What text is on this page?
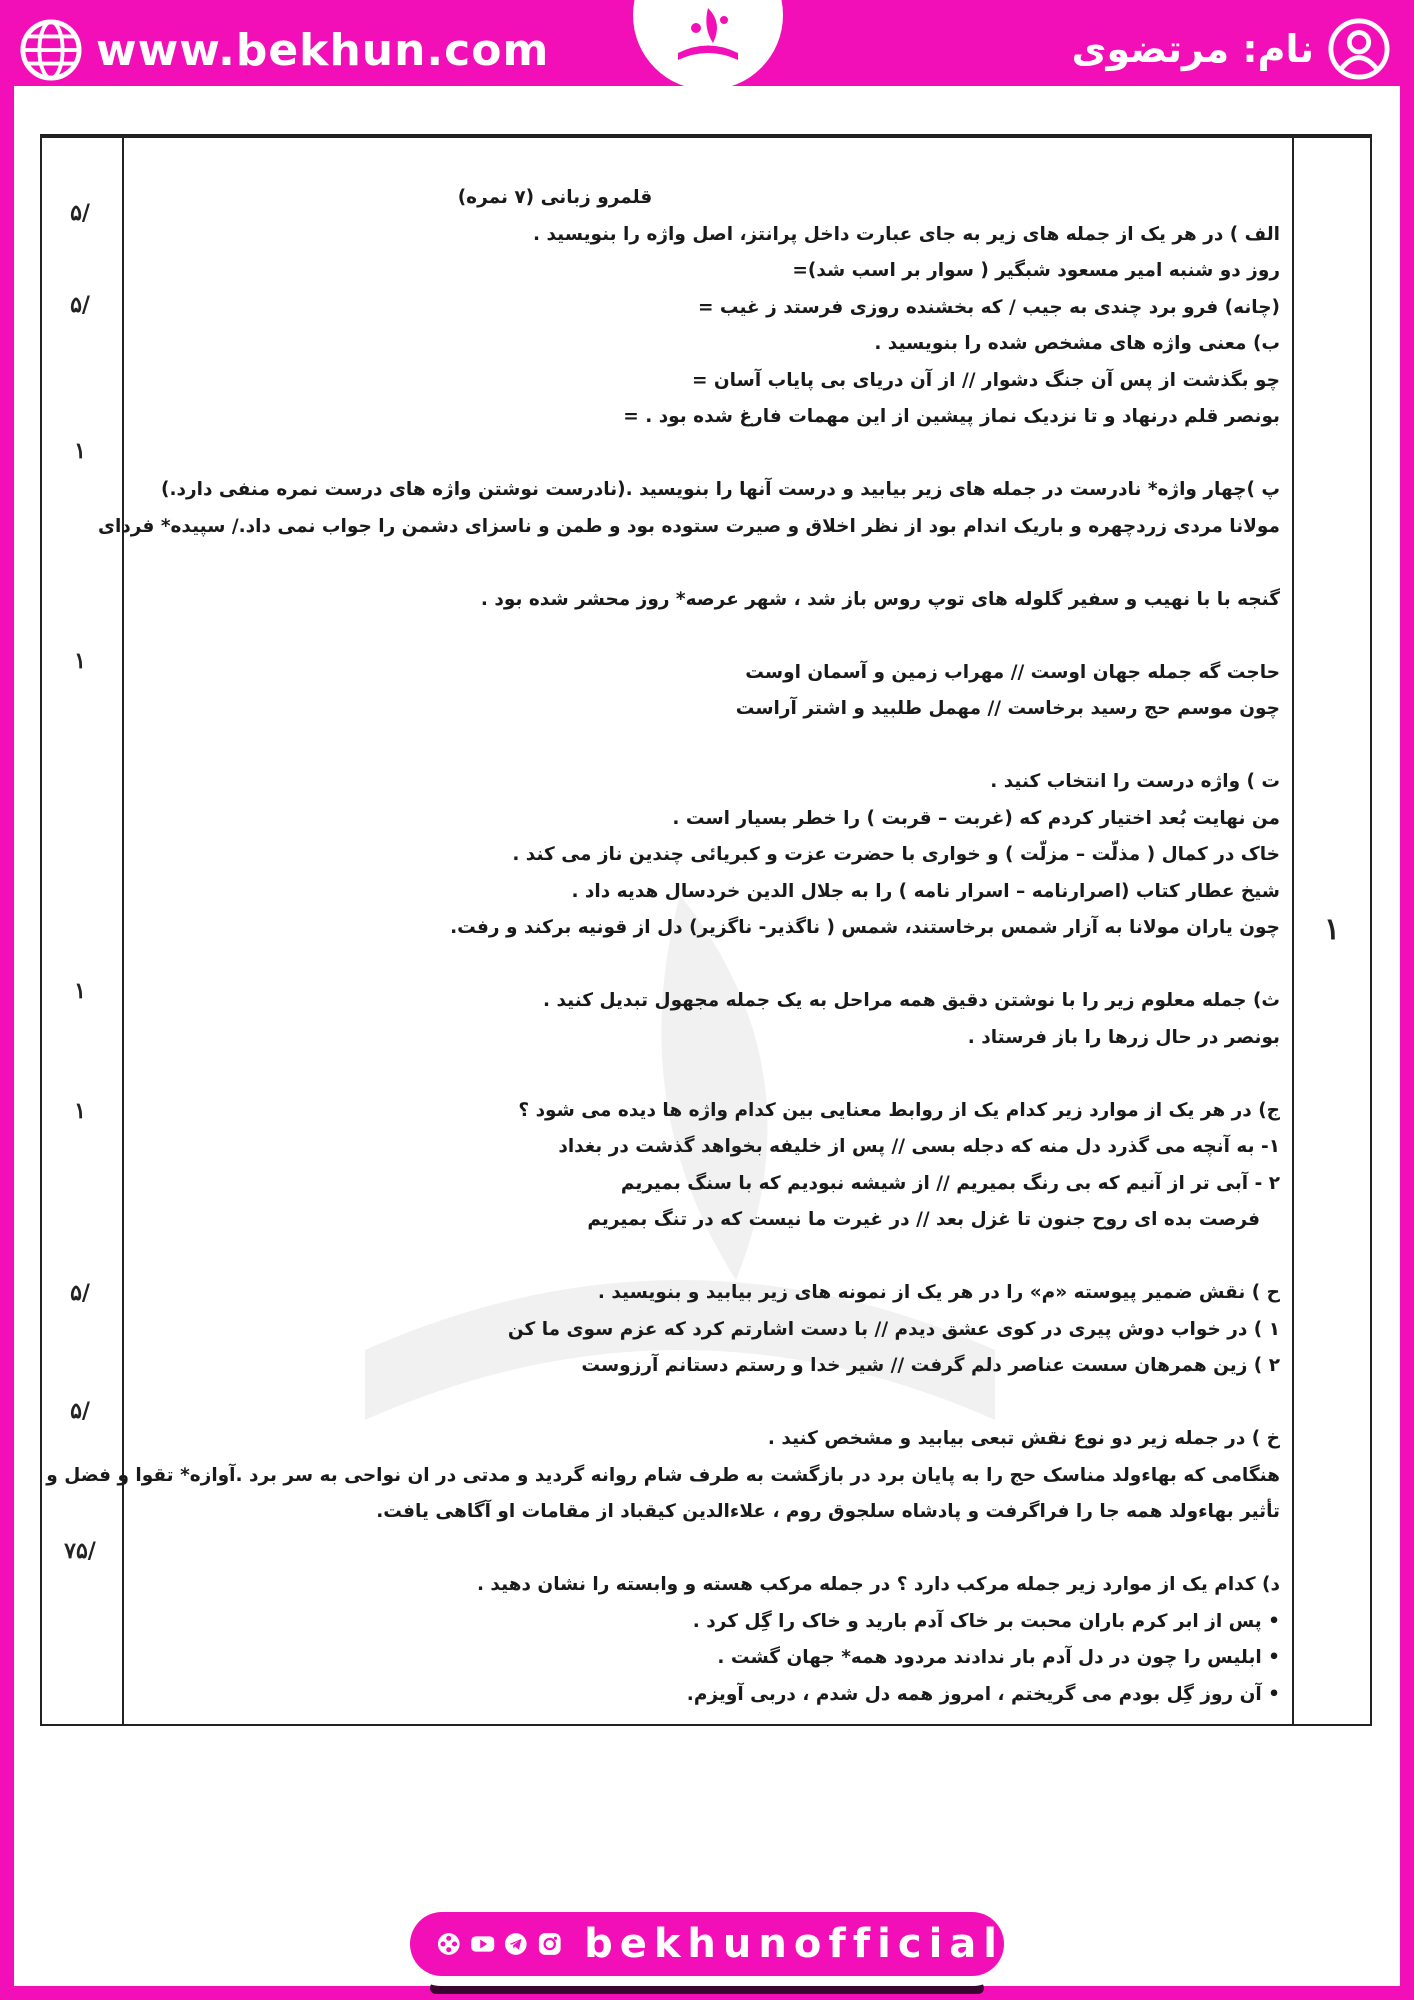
www.bekhun.com	نام: مرتضوی
۵/
۵/
۱
۱
۱
۱
۵/
۵/
۷۵/
۱
قلمرو زبانی (۷ نمره)
الف ) در هر یک از جمله های زیر به جای عبارت داخل پرانتز، اصل واژه را بنویسید .
روز دو شنبه امیر مسعود شبگیر ( سوار بر اسب شد)=
(چانه) فرو برد چندی به جیب / که بخشنده روزی فرستد ز غیب =
ب) معنی واژه های مشخص شده را بنویسید .
چو بگذشت از پس آن جنگ دشوار // از آن دریای بی پایاب آسان =
بونصر قلم درنهاد و تا نزدیک نماز پیشین از این مهمات فارغ شده بود . =
پ )چهار واژه* نادرست در جمله های زیر بیابید و درست آنها را بنویسید .(نادرست نوشتن واژه های درست نمره منفی دارد.)
مولانا مردی زردچهره و باریک اندام بود از نظر اخلاق و صیرت ستوده بود و طمن و ناسزای دشمن را جواب نمی داد./ سپیده* فردای
گنجه با با نهیب و سفیر گلوله های توپ روس باز شد ، شهر عرصه* روز محشر شده بود .
حاجت گه جمله جهان اوست // مهراب زمین و آسمان اوست
چون موسم حج رسید برخاست // مهمل طلبید و اشتر آراست
ت ) واژه درست را انتخاب کنید .
من نهایت بُعد اختیار کردم که (غربت – قربت ) را خطر بسیار است .
خاک در کمال ( مذلّت – مزلّت ) و خواری با حضرت عزت و کبریائی چندین ناز می کند .
شیخ عطار کتاب (اصرارنامه – اسرار نامه ) را به جلال الدین خردسال هدیه داد .
چون یاران مولانا به آزار شمس برخاستند، شمس ( ناگذیر- ناگزیر) دل از قونیه برکند و رفت.
ث) جمله معلوم زیر را با نوشتن دقیق همه مراحل به یک جمله مجهول تبدیل کنید .
بونصر در حال زرها را باز فرستاد .
ج) در هر یک از موارد زیر کدام یک از روابط معنایی بین کدام واژه ها دیده می شود ؟
۱- به آنچه می گذرد دل منه که دجله بسی // پس از خلیفه بخواهد گذشت در بغداد
۲ - آبی تر از آنیم که بی رنگ بمیریم // از شیشه نبودیم که با سنگ بمیریم
فرصت بده ای روح جنون تا غزل بعد // در غیرت ما نیست که در تنگ بمیریم
ح ) نقش ضمیر پیوسته «م» را در هر یک از نمونه های زیر بیابید و بنویسید .
۱ ) در خواب دوش پیری در کوی عشق دیدم // با دست اشارتم کرد که عزم سوی ما کن
۲ ) زین همرهان سست عناصر دلم گرفت // شیر خدا و رستم دستانم آرزوست
خ ) در جمله زیر دو نوع نقش تبعی بیابید و مشخص کنید .
هنگامی که بهاءولد مناسک حج را به پایان برد در بازگشت به طرف شام روانه گردید و مدتی در ان نواحی به سر برد .آوازه* تقوا و فضل و
تأثیر بهاءولد همه جا را فراگرفت و پادشاه سلجوق روم ، علاءالدین کیقباد از مقامات او آگاهی یافت.
د) کدام یک از موارد زیر جمله مرکب دارد ؟ در جمله مرکب هسته و وابسته را نشان دهید .
• پس از ابر کرم باران محبت بر خاک آدم بارید و خاک را گِل کرد .
• ابلیس را چون در دل آدم بار ندادند مردود همه* جهان گشت .
• آن روز گِل بودم می گریختم ، امروز همه دل شدم ، دربی آویزم.
bekhunofficial
